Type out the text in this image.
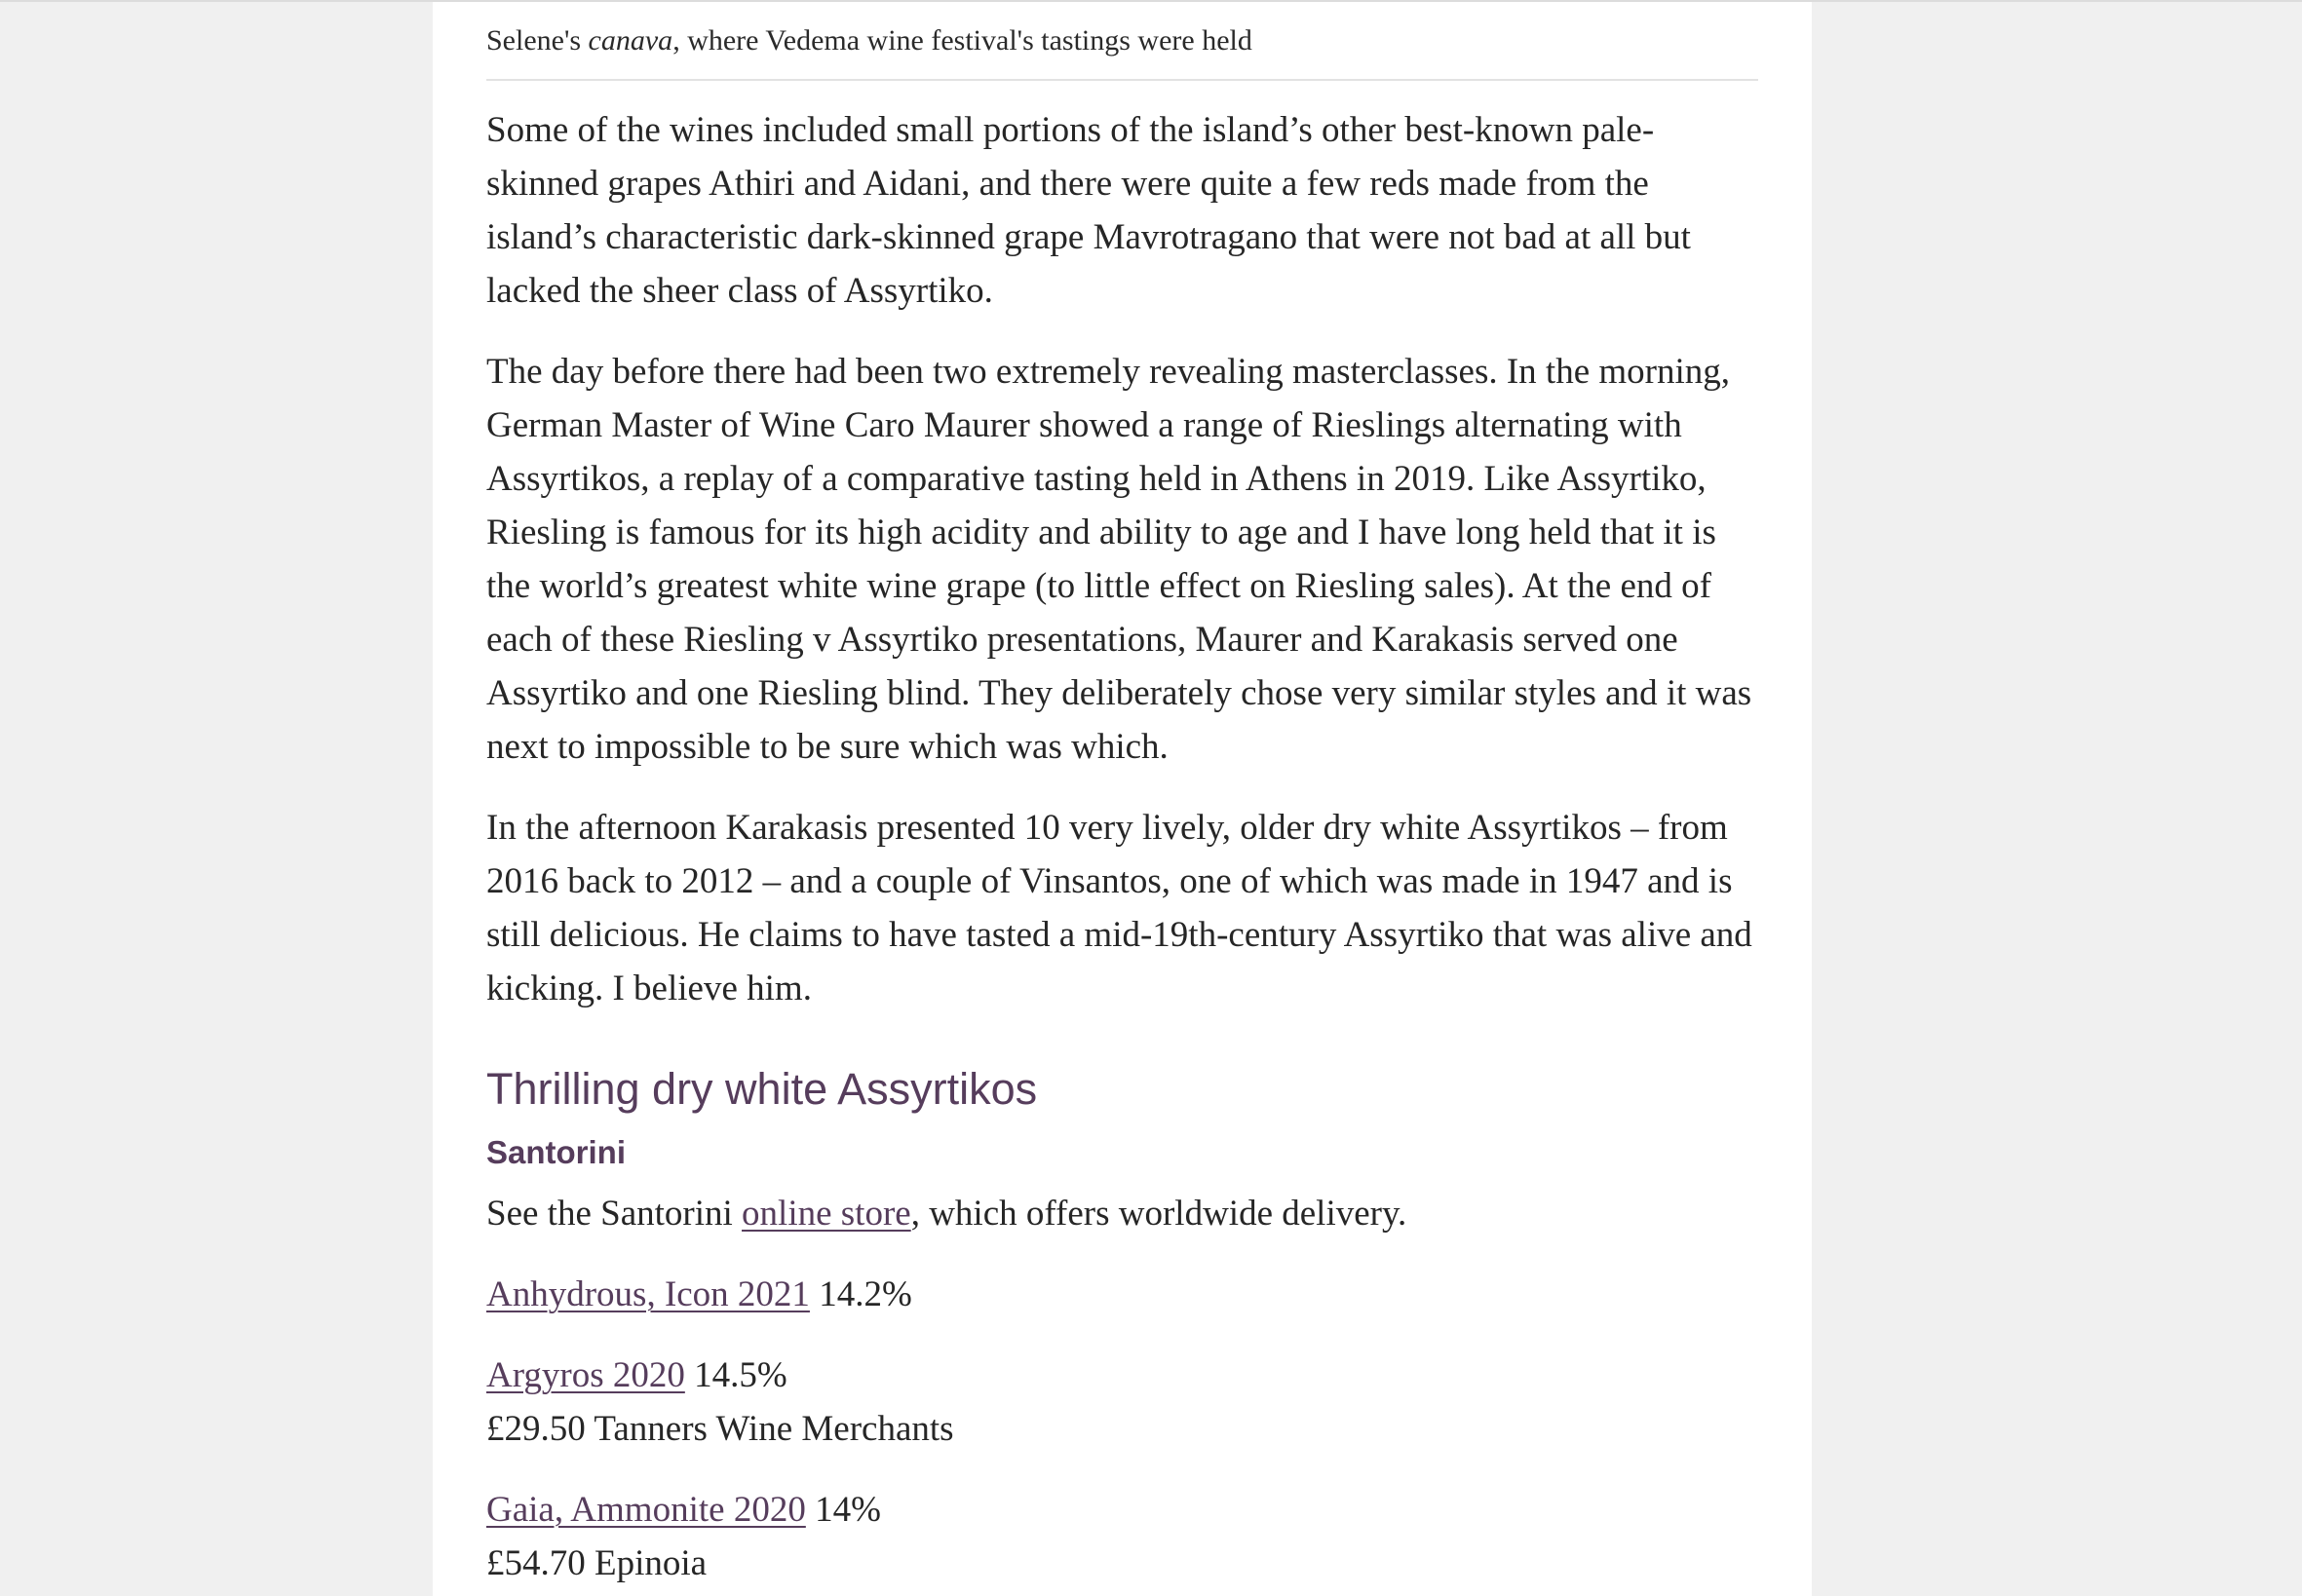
Selene's canava, where Vedema wine festival's tastings were held

Some of the wines included small portions of the island’s other best-known pale-skinned grapes Athiri and Aidani, and there were quite a few reds made from the island’s characteristic dark-skinned grape Mavrotragano that were not bad at all but lacked the sheer class of Assyrtiko.

The day before there had been two extremely revealing masterclasses. In the morning, German Master of Wine Caro Maurer showed a range of Rieslings alternating with Assyrtikos, a replay of a comparative tasting held in Athens in 2019. Like Assyrtiko, Riesling is famous for its high acidity and ability to age and I have long held that it is the world’s greatest white wine grape (to little effect on Riesling sales). At the end of each of these Riesling v Assyrtiko presentations, Maurer and Karakasis served one Assyrtiko and one Riesling blind. They deliberately chose very similar styles and it was next to impossible to be sure which was which.

In the afternoon Karakasis presented 10 very lively, older dry white Assyrtikos – from 2016 back to 2012 – and a couple of Vinsantos, one of which was made in 1947 and is still delicious. He claims to have tasted a mid-19th-century Assyrtiko that was alive and kicking. I believe him.

Thrilling dry white Assyrtikos
Santorini

See the Santorini online store, which offers worldwide delivery.

Anhydrous, Icon 2021 14.2%
Argyros 2020 14.5%
£29.50 Tanners Wine Merchants
Gaia, Ammonite 2020 14%
£54.70 Epinoia
